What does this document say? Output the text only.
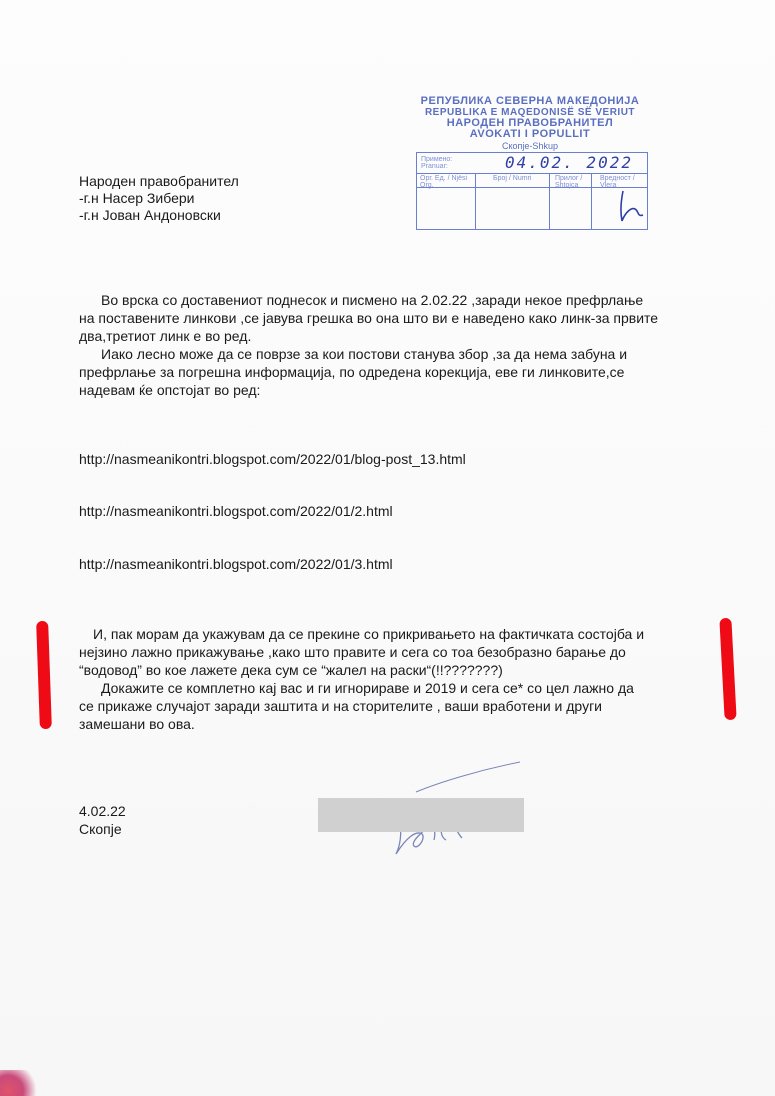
РЕПУБЛИКА СЕВЕРНА МАКЕДОНИЈА
REPUBLIKA E MAQEDONISË SË VERIUT
НАРОДЕН ПРАВОБРАНИТЕЛ
AVOKATI I POPULLIT
Скопје-Shkup
Примено: Pranuar:	04.02. 2022
Орг. Ед. / Njësi Org.
Број / Numri	Прилог / Shtojca
Вредност / Vlera
Народен правобранител
-г.н Насер Зибери
-г.н Јован Андоновски
Во врска со доставениот поднесок и писмено на 2.02.22 ,заради некое префрлање
на поставените линкови ,се јавува грешка во она што ви е наведено како линк-за првите
два,третиот линк е во ред.
Иако лесно може да се поврзе за кои постови станува збор ,за да нема забуна и
префрлање за погрешна информација, по одредена корекција, еве ги линковите,се
надевам ќе опстојат во ред:
http://nasmeanikontri.blogspot.com/2022/01/blog-post_13.html
http://nasmeanikontri.blogspot.com/2022/01/2.html
http://nasmeanikontri.blogspot.com/2022/01/3.html
И, пак морам да укажувам да се прекине со прикривањето на фактичката состојба и
нејзино лажно прикажување ,како што правите и сега со тоа безобразно барање до
“водовод” во кое лажете дека сум се “жалел на раски“(!!???????)
Докажите се комплетно кај вас и ги игнорираве и 2019 и сега се* со цел лажно да
се прикаже случајот заради заштита и на сторителите , ваши вработени и други
замешани во ова.
4.02.22
Скопје
